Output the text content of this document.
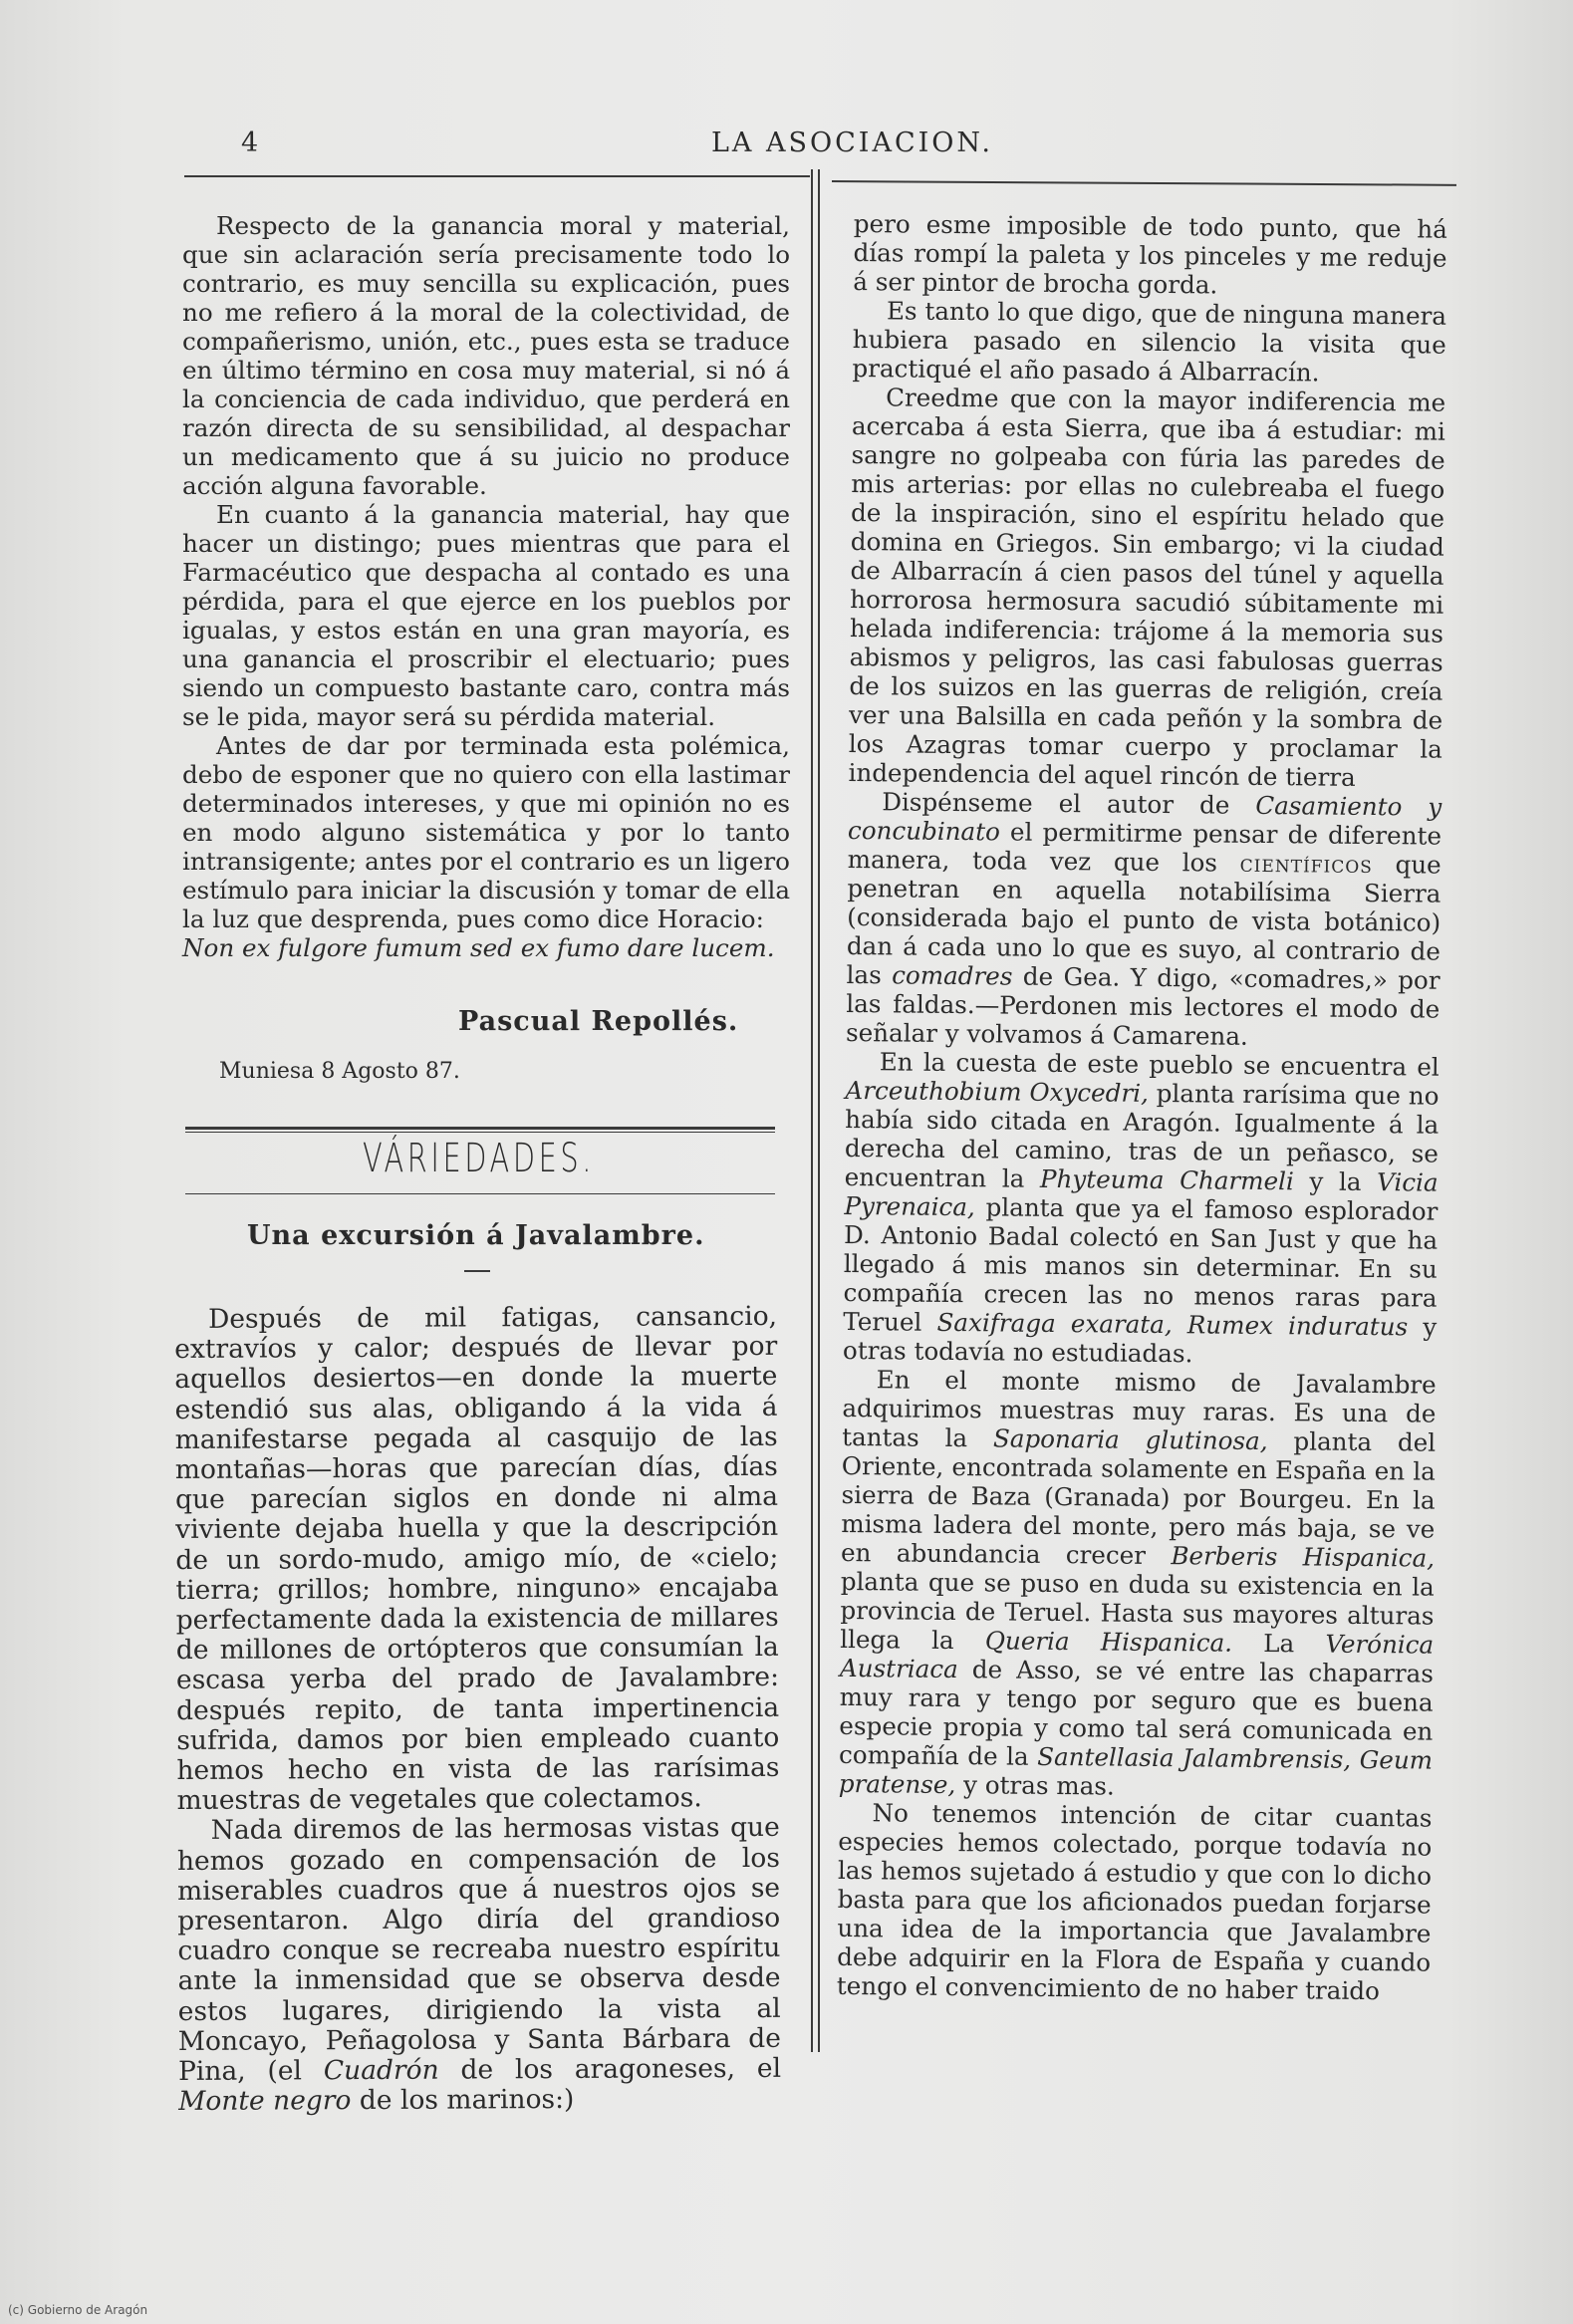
4	LA ASOCIACION.

Respecto de la ganancia moral y material, que sin aclaración sería precisamente todo lo contrario, es muy sencilla su explicación, pues no me refiero á la moral de la colectividad, de compañerismo, unión, etc., pues esta se traduce en último término en cosa muy material, si nó á la conciencia de cada individuo, que perderá en razón directa de su sensibilidad, al despachar un medicamento que á su juicio no produce acción alguna favorable.

En cuanto á la ganancia material, hay que hacer un distingo; pues mientras que para el Farmacéutico que despacha al contado es una pérdida, para el que ejerce en los pueblos por igualas, y estos están en una gran mayoría, es una ganancia el proscribir el electuario; pues siendo un compuesto bastante caro, contra más se le pida, mayor será su pérdida material.

Antes de dar por terminada esta polémica, debo de esponer que no quiero con ella lastimar determinados intereses, y que mi opinión no es en modo alguno sistemática y por lo tanto intransigente; antes por el contrario es un ligero estímulo para iniciar la discusión y tomar de ella la luz que desprenda, pues como dice Horacio:

Non ex fulgore fumum sed ex fumo dare lucem.

Pascual Repollés.
Muniesa 8 Agosto 87.
VÁRIEDADES.
Una excursión á Javalambre.

Después de mil fatigas, cansancio, extravíos y calor; después de llevar por aquellos desiertos—en donde la muerte estendió sus alas, obligando á la vida á manifestarse pegada al casquijo de las montañas—horas que parecían días, días que parecían siglos en donde ni alma viviente dejaba huella y que la descripción de un sordo-mudo, amigo mío, de «cielo; tierra; grillos; hombre, ninguno» encajaba perfectamente dada la existencia de millares de millones de ortópteros que consumían la escasa yerba del prado de Javalambre: después repito, de tanta impertinencia sufrida, damos por bien empleado cuanto hemos hecho en vista de las rarísimas muestras de vegetales que colectamos.

Nada diremos de las hermosas vistas que hemos gozado en compensación de los miserables cuadros que á nuestros ojos se presentaron. Algo diría del grandioso cuadro conque se recreaba nuestro espíritu ante la inmensidad que se observa desde estos lugares, dirigiendo la vista al Moncayo, Peñagolosa y Santa Bárbara de Pina, (el Cuadrón de los aragoneses, el Monte negro de los marinos:)

pero esme imposible de todo punto, que há días rompí la paleta y los pinceles y me reduje á ser pintor de brocha gorda.

Es tanto lo que digo, que de ninguna manera hubiera pasado en silencio la visita que practiqué el año pasado á Albarracín.

Creedme que con la mayor indiferencia me acercaba á esta Sierra, que iba á estudiar: mi sangre no golpeaba con fúria las paredes de mis arterias: por ellas no culebreaba el fuego de la inspiración, sino el espíritu helado que domina en Griegos. Sin embargo; vi la ciudad de Albarracín á cien pasos del túnel y aquella horrorosa hermosura sacudió súbitamente mi helada indiferencia: trájome á la memoria sus abismos y peligros, las casi fabulosas guerras de los suizos en las guerras de religión, creía ver una Balsilla en cada peñón y la sombra de los Azagras tomar cuerpo y proclamar la independencia del aquel rincón de tierra

Dispénseme el autor de Casamiento y concubinato el permitirme pensar de diferente manera, toda vez que los científicos que penetran en aquella notabilísima Sierra (considerada bajo el punto de vista botánico) dan á cada uno lo que es suyo, al contrario de las comadres de Gea. Y digo, «comadres,» por las faldas.—Perdonen mis lectores el modo de señalar y volvamos á Camarena.

En la cuesta de este pueblo se encuentra el Arceuthobium Oxycedri, planta rarísima que no había sido citada en Aragón. Igualmente á la derecha del camino, tras de un peñasco, se encuentran la Phyteuma Charmeli y la Vicia Pyrenaica, planta que ya el famoso esplorador D. Antonio Badal colectó en San Just y que ha llegado á mis manos sin determinar. En su compañía crecen las no menos raras para Teruel Saxifraga exarata, Rumex induratus y otras todavía no estudiadas.

En el monte mismo de Javalambre adquirimos muestras muy raras. Es una de tantas la Saponaria glutinosa, planta del Oriente, encontrada solamente en España en la sierra de Baza (Granada) por Bourgeu. En la misma ladera del monte, pero más baja, se ve en abundancia crecer Berberis Hispanica, planta que se puso en duda su existencia en la provincia de Teruel. Hasta sus mayores alturas llega la Queria Hispanica. La Verónica Austriaca de Asso, se vé entre las chaparras muy rara y tengo por seguro que es buena especie propia y como tal será comunicada en compañía de la Santellasia Jalambrensis, Geum pratense, y otras mas.

No tenemos intención de citar cuantas especies hemos colectado, porque todavía no las hemos sujetado á estudio y que con lo dicho basta para que los aficionados puedan forjarse una idea de la importancia que Javalambre debe adquirir en la Flora de España y cuando tengo el convencimiento de no haber traido

(c) Gobierno de Aragón
